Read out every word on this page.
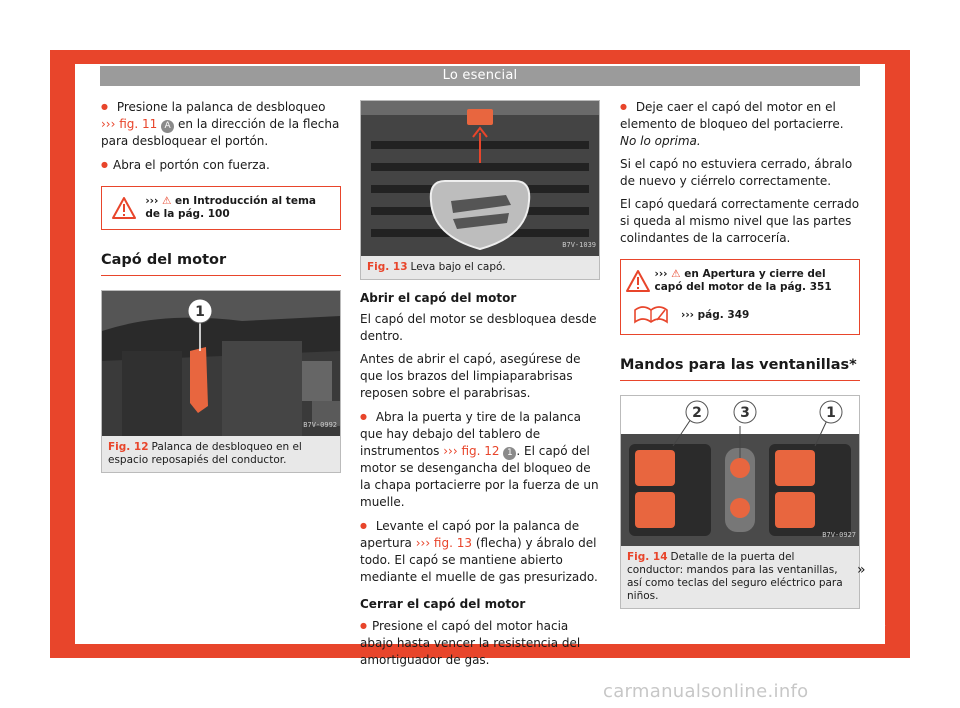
Lo esencial

● Presione la palanca de desbloqueo
››› fig. 11 A en la dirección de la flecha para desbloquear el portón.

● Abra el portón con fuerza.

››› ⚠ en Introducción al tema de la pág. 100
Capó del motor
1
B7V-0992
Fig. 12 Palanca de desbloqueo en el espacio reposapiés del conductor.
B7V-1039
Fig. 13 Leva bajo el capó.

Abrir el capó del motor

El capó del motor se desbloquea desde dentro.

Antes de abrir el capó, asegúrese de que los brazos del limpiaparabrisas reposen sobre el parabrisas.

● Abra la puerta y tire de la palanca que hay debajo del tablero de instrumentos ››› fig. 12 1 . El capó del motor se desengancha del bloqueo de la chapa portacierre por la fuerza de un muelle.

● Levante el capó por la palanca de apertura ››› fig. 13 (flecha) y ábralo del todo. El capó se mantiene abierto mediante el muelle de gas presurizado.

Cerrar el capó del motor

● Presione el capó del motor hacia abajo hasta vencer la resistencia del amortiguador de gas.

● Deje caer el capó del motor en el elemento de bloqueo del portacierre. No lo oprima.

Si el capó no estuviera cerrado, ábralo de nuevo y ciérrelo correctamente.

El capó quedará correctamente cerrado si queda al mismo nivel que las partes colindantes de la carrocería.

››› ⚠ en Apertura y cierre del capó del motor de la pág. 351
››› pág. 349
Mandos para las ventanillas*
2	3	1
B7V-0927
Fig. 14 Detalle de la puerta del conductor: mandos para las ventanillas, así como teclas del seguro eléctrico para niños.
»
13
carmanualsonline.info
